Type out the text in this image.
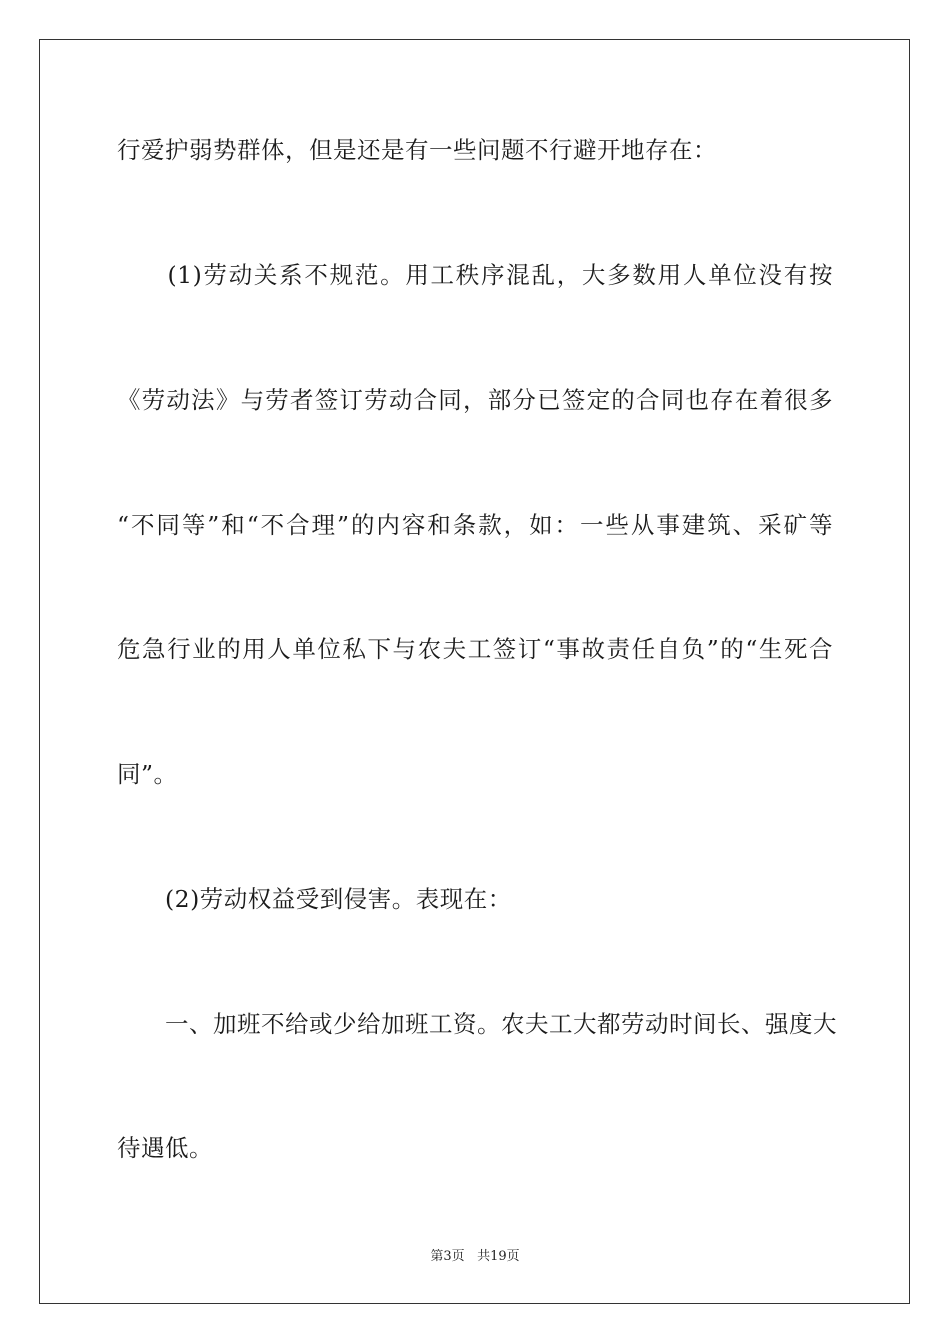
行爱护弱势群体，但是还是有一些问题不行避开地存在：
　　(1)劳动关系不规范。用工秩序混乱，大多数用人单位没有按
《劳动法》与劳者签订劳动合同，部分已签定的合同也存在着很多
“不同等”和“不合理”的内容和条款，如：一些从事建筑、采矿等
危急行业的用人单位私下与农夫工签订“事故责任自负”的“生死合
同”。
　　(2)劳动权益受到侵害。表现在：
　　一、加班不给或少给加班工资。农夫工大都劳动时间长、强度大
待遇低。
第3页 共19页
